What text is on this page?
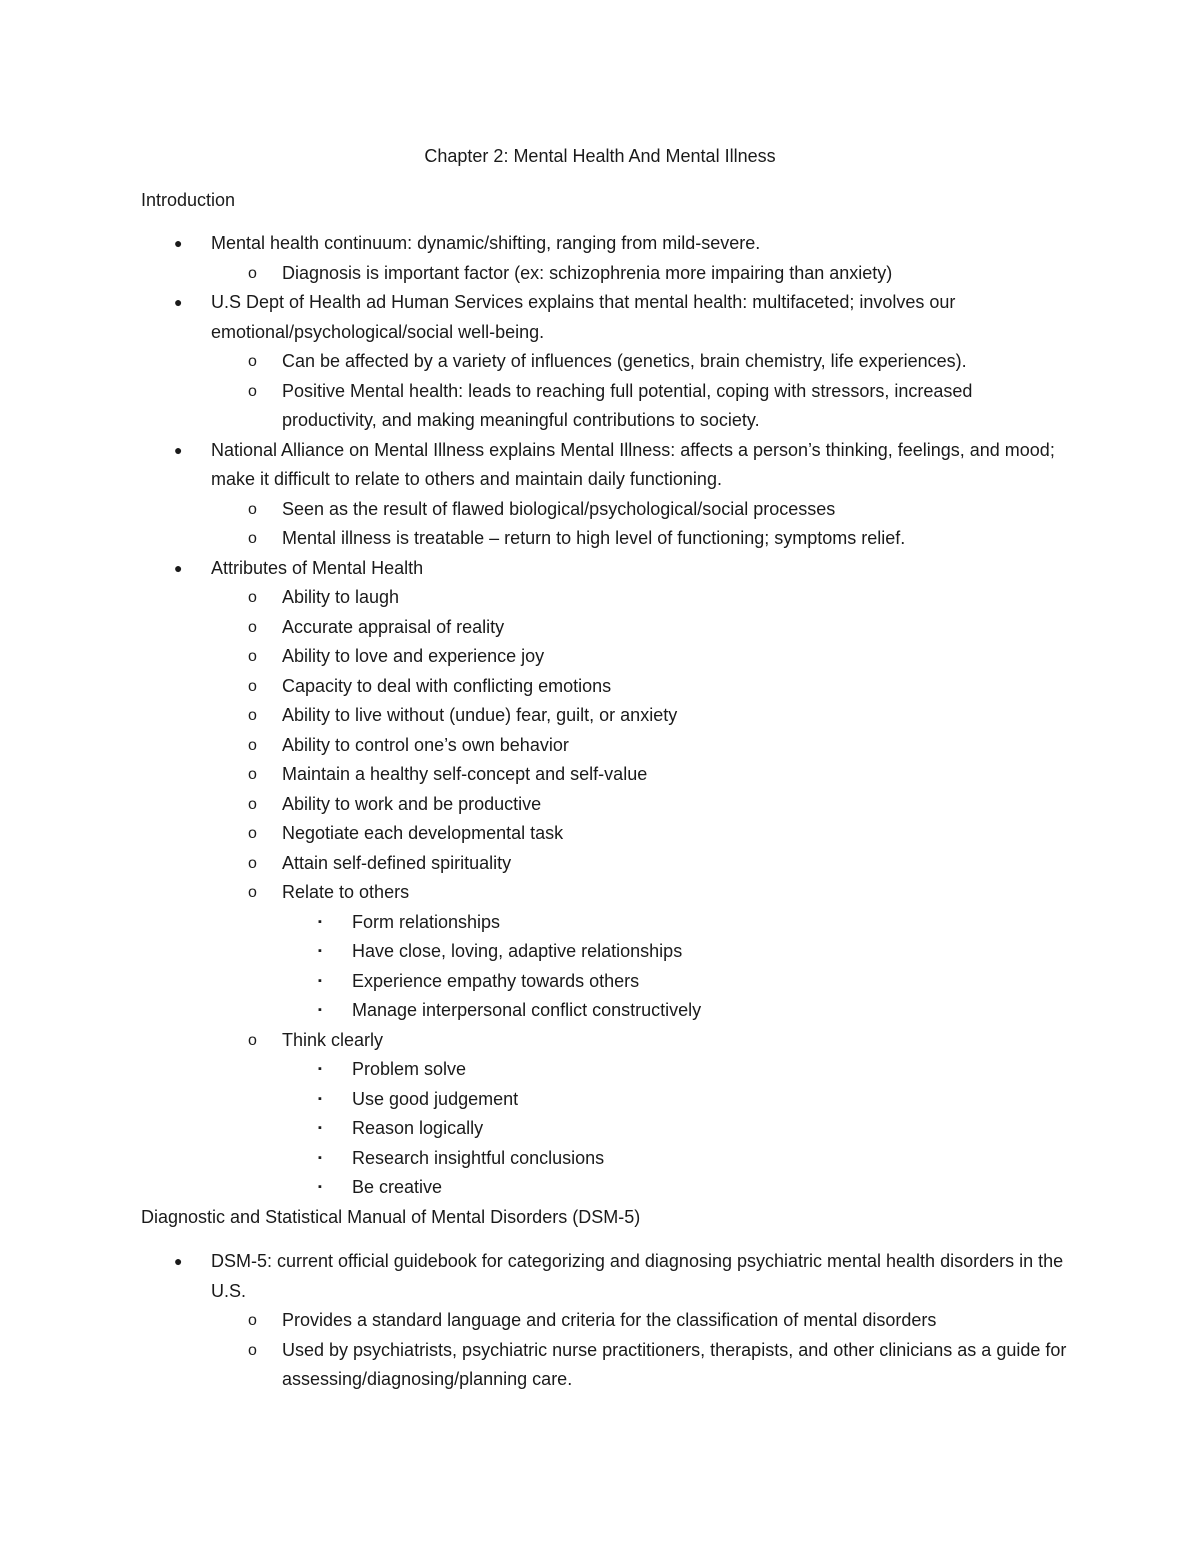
Chapter 2: Mental Health And Mental Illness
Introduction
● Mental health continuum: dynamic/shifting, ranging from mild-severe.
o Diagnosis is important factor (ex: schizophrenia more impairing than anxiety)
● U.S Dept of Health ad Human Services explains that mental health: multifaceted; involves our emotional/psychological/social well-being.
o Can be affected by a variety of influences (genetics, brain chemistry, life experiences).
o Positive Mental health: leads to reaching full potential, coping with stressors, increased productivity, and making meaningful contributions to society.
● National Alliance on Mental Illness explains Mental Illness: affects a person’s thinking, feelings, and mood; make it difficult to relate to others and maintain daily functioning.
o Seen as the result of flawed biological/psychological/social processes
o Mental illness is treatable – return to high level of functioning; symptoms relief.
● Attributes of Mental Health
o Ability to laugh
o Accurate appraisal of reality
o Ability to love and experience joy
o Capacity to deal with conflicting emotions
o Ability to live without (undue) fear, guilt, or anxiety
o Ability to control one’s own behavior
o Maintain a healthy self-concept and self-value
o Ability to work and be productive
o Negotiate each developmental task
o Attain self-defined spirituality
o Relate to others
▪ Form relationships
▪ Have close, loving, adaptive relationships
▪ Experience empathy towards others
▪ Manage interpersonal conflict constructively
o Think clearly
▪ Problem solve
▪ Use good judgement
▪ Reason logically
▪ Research insightful conclusions
▪ Be creative
Diagnostic and Statistical Manual of Mental Disorders (DSM-5)
● DSM-5: current official guidebook for categorizing and diagnosing psychiatric mental health disorders in the U.S.
o Provides a standard language and criteria for the classification of mental disorders
o Used by psychiatrists, psychiatric nurse practitioners, therapists, and other clinicians as a guide for assessing/diagnosing/planning care.
